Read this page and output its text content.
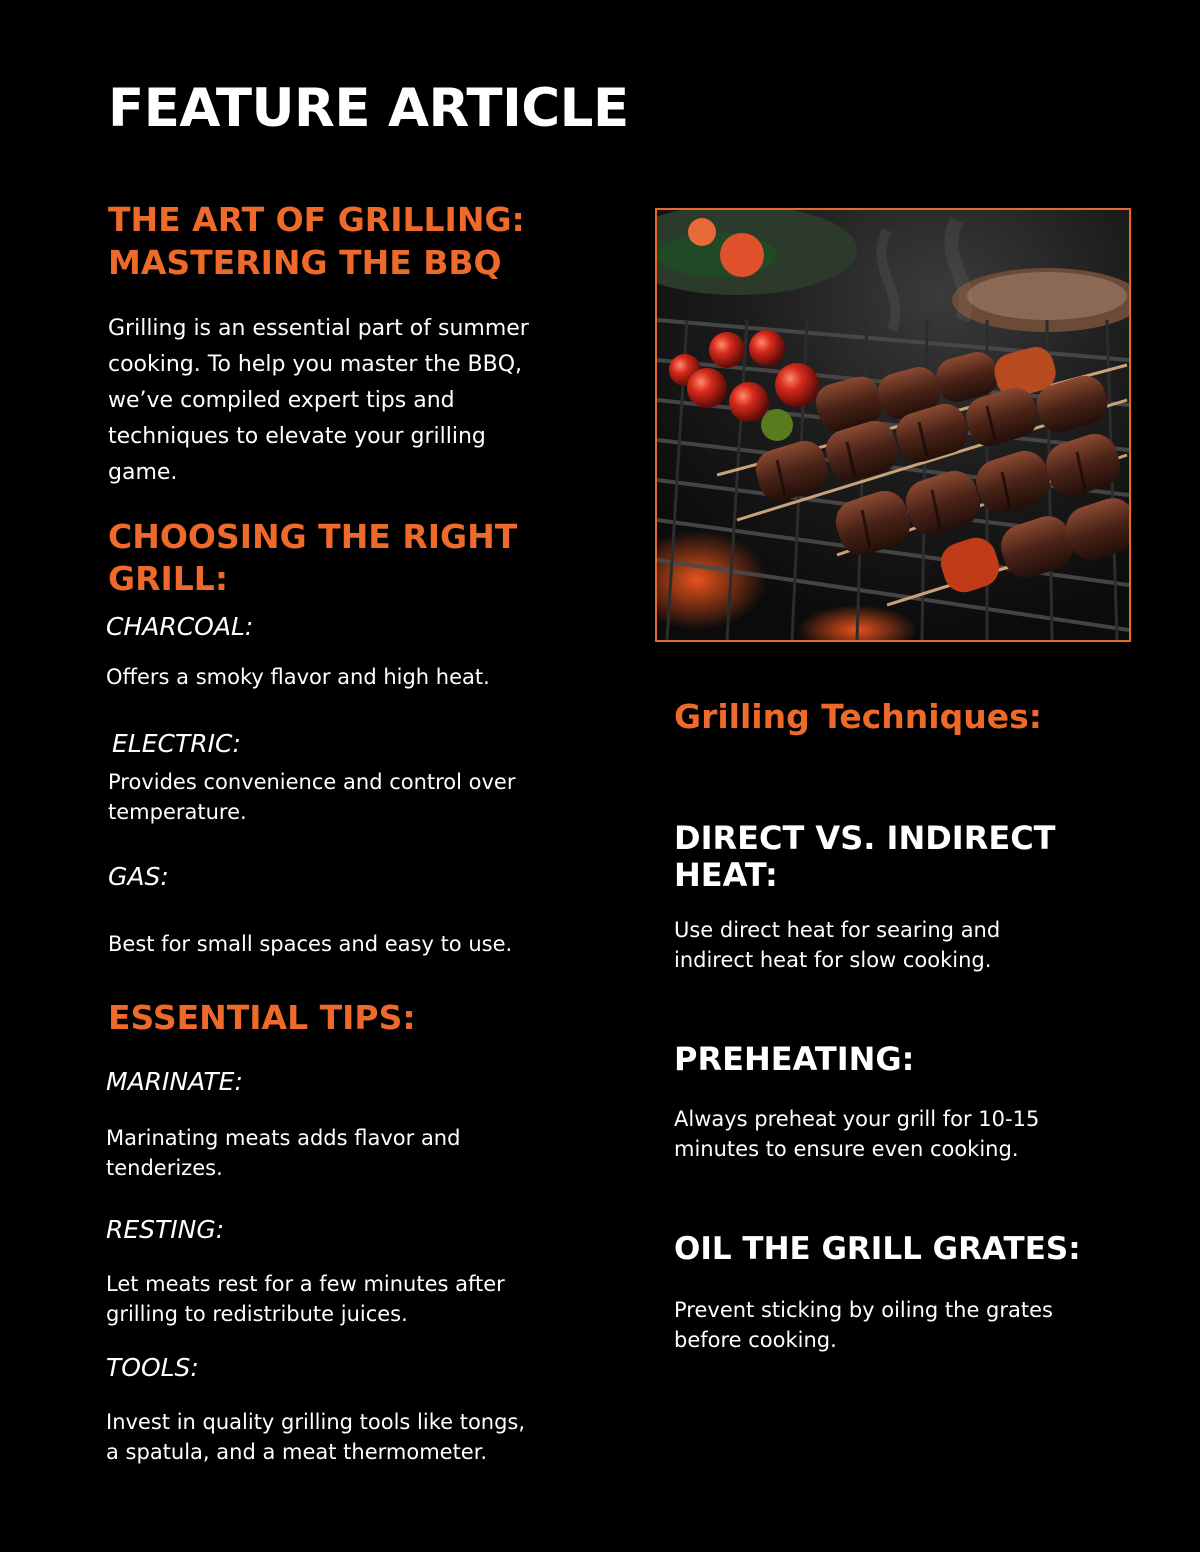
FEATURE ARTICLE
THE ART OF GRILLING:
MASTERING THE BBQ
Grilling is an essential part of summer
cooking. To help you master the BBQ,
we’ve compiled expert tips and
techniques to elevate your grilling
game.
CHOOSING THE RIGHT
GRILL:
CHARCOAL:
Offers a smoky flavor and high heat.
ELECTRIC:
Provides convenience and control over
temperature.
GAS:
Best for small spaces and easy to use.
ESSENTIAL TIPS:
MARINATE:
Marinating meats adds flavor and
tenderizes.
RESTING:
Let meats rest for a few minutes after
grilling to redistribute juices.
TOOLS:
Invest in quality grilling tools like tongs,
a spatula, and a meat thermometer.
Grilling Techniques:
DIRECT VS. INDIRECT
HEAT:
Use direct heat for searing and
indirect heat for slow cooking.
PREHEATING:
Always preheat your grill for 10-15
minutes to ensure even cooking.
OIL THE GRILL GRATES:
Prevent sticking by oiling the grates
before cooking.
